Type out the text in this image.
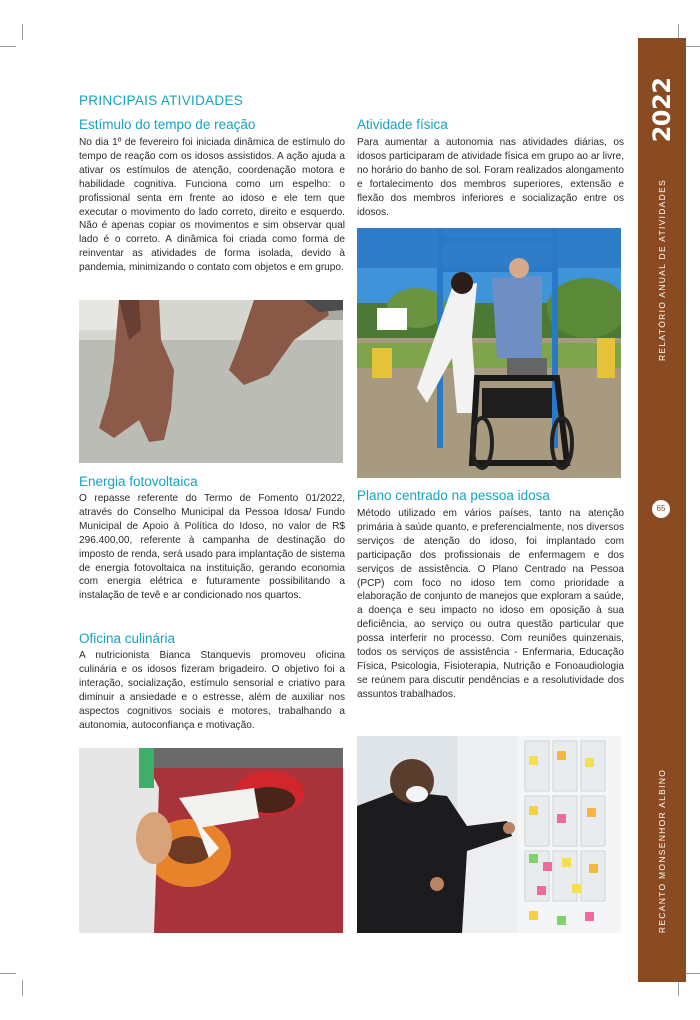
2022
RELATÓRIO ANUAL DE ATIVIDADES
65
RECANTO MONSENHOR ALBINO
PRINCIPAIS ATIVIDADES
Estímulo do tempo de reação

No dia 1º de fevereiro foi iniciada dinâmica de estímulo do tempo de reação com os idosos assistidos. A ação ajuda a ativar os estímulos de atenção, coordenação motora e habilidade cognitiva. Funciona como um espelho: o profissional senta em frente ao idoso e ele tem que executar o movimento do lado correto, direito e esquerdo. Não é apenas copiar os movimentos e sim observar qual lado é o correto. A dinâmica foi criada como forma de reinventar as atividades de forma isolada, devido à pandemia, minimizando o contato com objetos e em grupo.

Energia fotovoltaica

O repasse referente do Termo de Fomento 01/2022, através do Conselho Municipal da Pessoa Idosa/ Fundo Municipal de Apoio à Política do Idoso, no valor de R$ 296.400,00, referente à campanha de destinação do imposto de renda, será usado para implantação de sistema de energia fotovoltaica na instituição, gerando economia com energia elétrica e futuramente possibilitando a instalação de tevê e ar condicionado nos quartos.

Oficina culinária

A nutricionista Bianca Stanquevis promoveu oficina culinária e os idosos fizeram brigadeiro. O objetivo foi a interação, socialização, estímulo sensorial e criativo para diminuir a ansiedade e o estresse, além de auxiliar nos aspectos cognitivos sociais e motores, trabalhando a autonomia, autoconfiança e motivação.

Atividade física

Para aumentar a autonomia nas atividades diárias, os idosos participaram de atividade física em grupo ao ar livre, no horário do banho de sol. Foram realizados alongamento e fortalecimento dos membros superiores, extensão e flexão dos membros inferiores e socialização entre os idosos.

Plano centrado na pessoa idosa

Método utilizado em vários países, tanto na atenção primária à saúde quanto, e preferencialmente, nos diversos serviços de atenção do idoso, foi implantado com participação dos profissionais de enfermagem e dos serviços de assistência. O Plano Centrado na Pessoa (PCP) com foco no idoso tem como prioridade a elaboração de conjunto de manejos que exploram a saúde, a doença e seu impacto no idoso em oposição à sua deficiência, ao serviço ou outra questão particular que possa interferir no processo. Com reuniões quinzenais, todos os serviços de assistência - Enfermaria, Educação Física, Psicologia, Fisioterapia, Nutrição e Fonoaudiologia se reúnem para discutir pendências e a resolutividade dos assuntos trabalhados.
